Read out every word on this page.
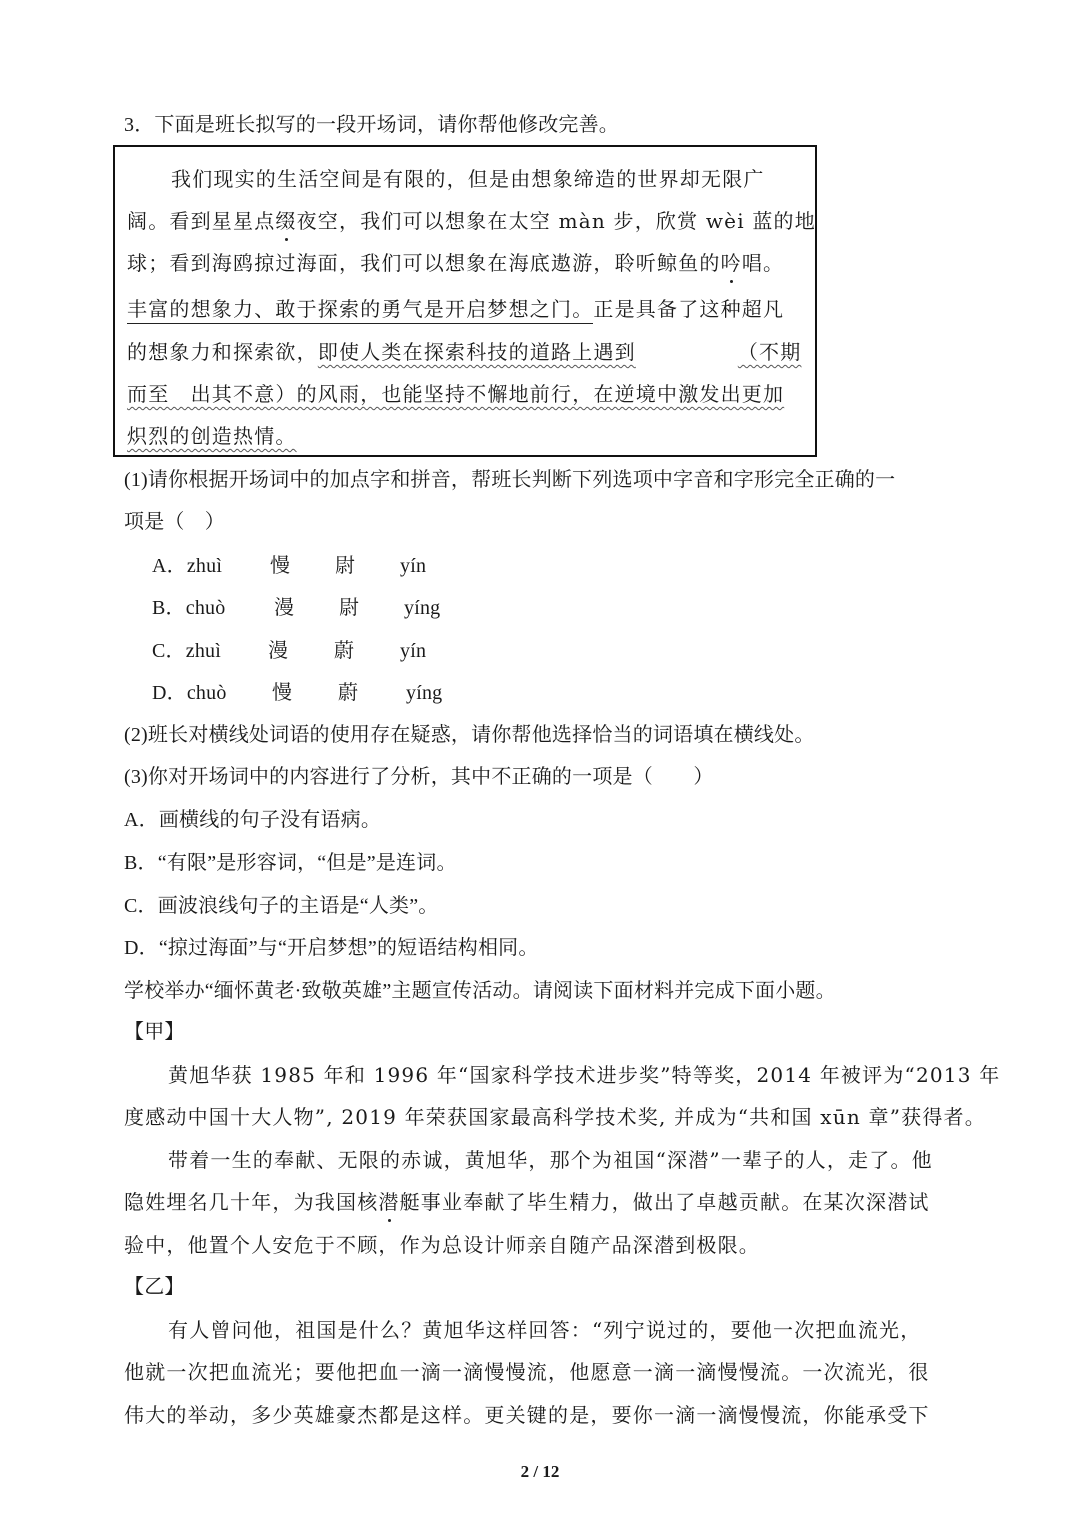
3．下面是班长拟写的一段开场词，请你帮他修改完善。
我们现实的生活空间是有限的，但是由想象缔造的世界却无限广
阔。看到星星点缀夜空，我们可以想象在太空 màn 步，欣赏 wèi 蓝的地
球；看到海鸥掠过海面，我们可以想象在海底遨游，聆听鲸鱼的吟唱。
丰富的想象力、敢于探索的勇气是开启梦想之门。正是具备了这种超凡
的想象力和探索欲，即使人类在探索科技的道路上遇到	（不期
而至　出其不意）的风雨，也能坚持不懈地前行，在逆境中激发出更加
炽烈的创造热情。
(1)请你根据开场词中的加点字和拼音，帮班长判断下列选项中字音和字形完全正确的一
项是（　）
A．zhuì 慢 尉 yín
B．chuò 漫 尉 yíng
C．zhuì 漫 蔚 yín
D．chuò 慢 蔚 yíng
(2)班长对横线处词语的使用存在疑惑，请你帮他选择恰当的词语填在横线处。
(3)你对开场词中的内容进行了分析，其中不正确的一项是（　　）
A．画横线的句子没有语病。
B．“有限”是形容词，“但是”是连词。
C．画波浪线句子的主语是“人类”。
D．“掠过海面”与“开启梦想”的短语结构相同。
学校举办“缅怀黄老·致敬英雄”主题宣传活动。请阅读下面材料并完成下面小题。
【甲】
黄旭华获 1985 年和 1996 年“国家科学技术进步奖”特等奖，2014 年被评为“2013 年
度感动中国十大人物”, 2019 年荣获国家最高科学技术奖, 并成为“共和国 xūn 章”获得者。
带着一生的奉献、无限的赤诚，黄旭华，那个为祖国“深潜”一辈子的人，走了。他
隐姓埋名几十年，为我国核潜艇事业奉献了毕生精力，做出了卓越贡献。在某次深潜试
验中，他置个人安危于不顾，作为总设计师亲自随产品深潜到极限。
【乙】
有人曾问他，祖国是什么？黄旭华这样回答：“列宁说过的，要他一次把血流光，
他就一次把血流光；要他把血一滴一滴慢慢流，他愿意一滴一滴慢慢流。一次流光，很
伟大的举动，多少英雄豪杰都是这样。更关键的是，要你一滴一滴慢慢流，你能承受下
2 / 12
